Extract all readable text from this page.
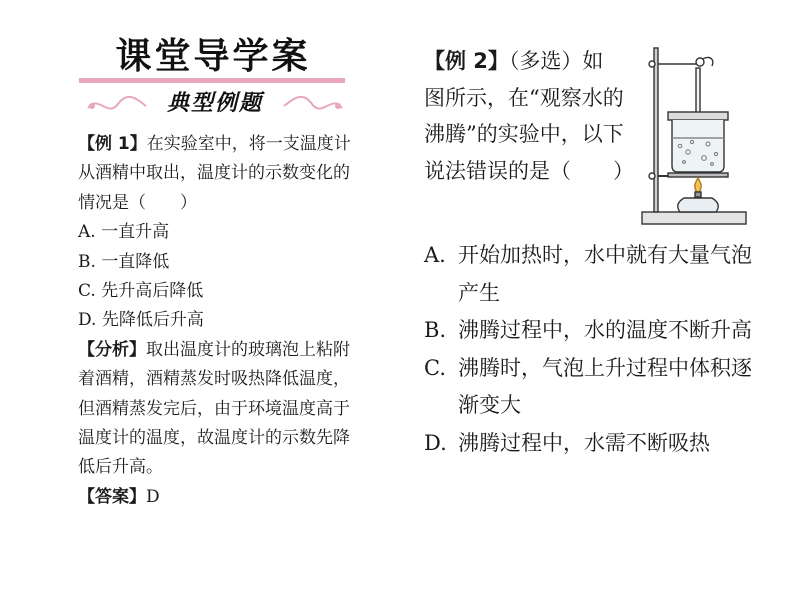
课堂导学案
典型例题

【例 1】在实验室中，将一支温度计从酒精中取出，温度计的示数变化的情况是（　　）

A. 一直升高
B. 一直降低
C. 先升高后降低
D. 先降低后升高

【分析】取出温度计的玻璃泡上粘附着酒精，酒精蒸发时吸热降低温度，但酒精蒸发完后，由于环境温度高于温度计的温度，故温度计的示数先降低后升高。

【答案】D

【例 2】（多选）如图所示，在“观察水的沸腾”的实验中，以下说法错误的是（　　）

A. 开始加热时，水中就有大量气泡产生
B. 沸腾过程中，水的温度不断升高
C. 沸腾时，气泡上升过程中体积逐渐变大
D. 沸腾过程中，水需不断吸热
